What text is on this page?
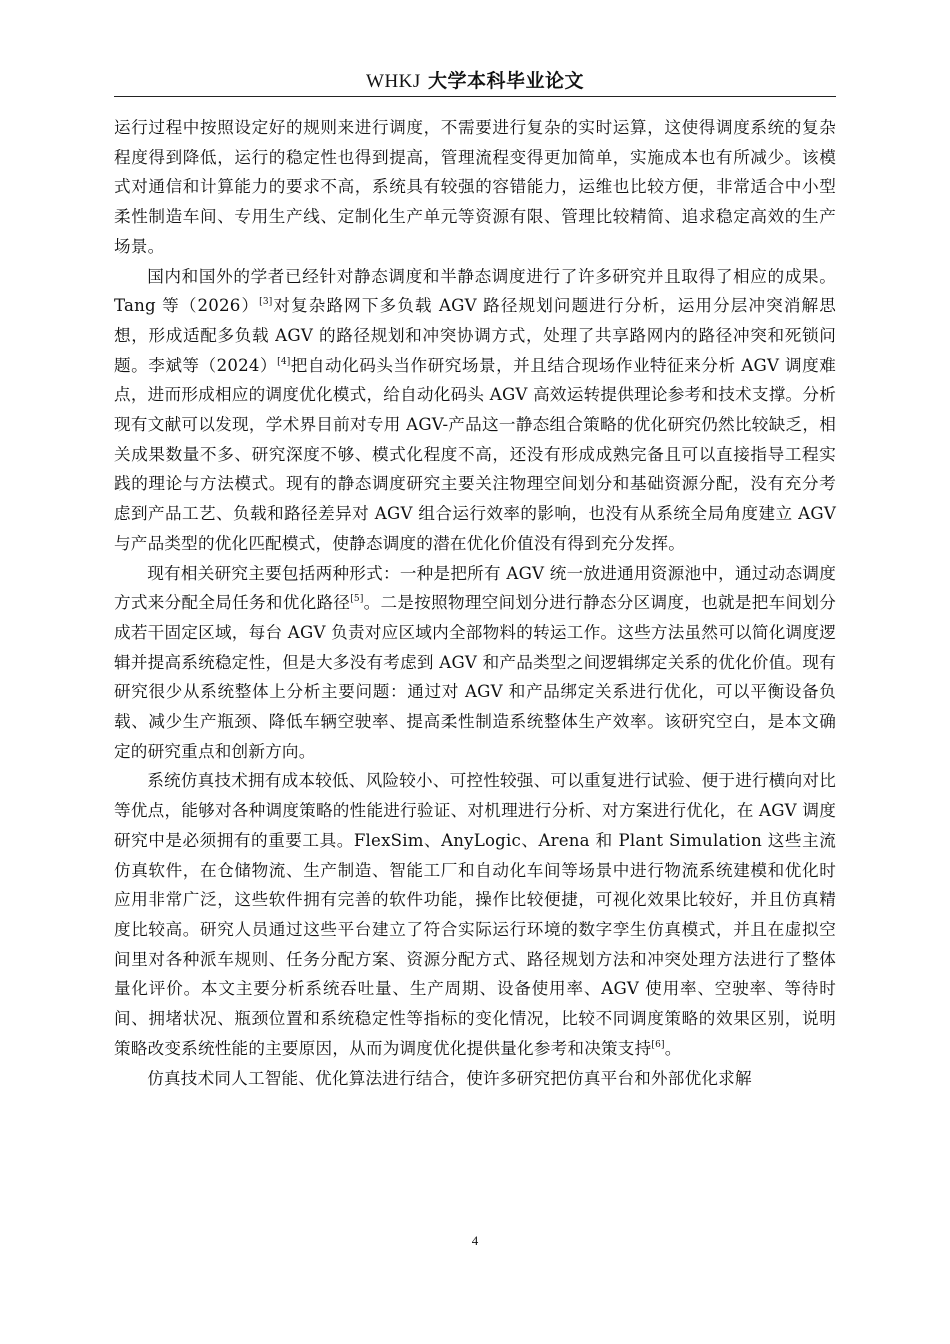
WHKJ 大学本科毕业论文

运行过程中按照设定好的规则来进行调度，不需要进行复杂的实时运算，这使得调度系统的复杂程度得到降低，运行的稳定性也得到提高，管理流程变得更加简单，实施成本也有所减少。该模式对通信和计算能力的要求不高，系统具有较强的容错能力，运维也比较方便，非常适合中小型柔性制造车间、专用生产线、定制化生产单元等资源有限、管理比较精简、追求稳定高效的生产场景。

国内和国外的学者已经针对静态调度和半静态调度进行了许多研究并且取得了相应的成果。Tang 等（2026）[3]对复杂路网下多负载 AGV 路径规划问题进行分析，运用分层冲突消解思想，形成适配多负载 AGV 的路径规划和冲突协调方式，处理了共享路网内的路径冲突和死锁问题。李斌等（2024）[4]把自动化码头当作研究场景，并且结合现场作业特征来分析 AGV 调度难点，进而形成相应的调度优化模式，给自动化码头 AGV 高效运转提供理论参考和技术支撑。分析现有文献可以发现，学术界目前对专用 AGV-产品这一静态组合策略的优化研究仍然比较缺乏，相关成果数量不多、研究深度不够、模式化程度不高，还没有形成成熟完备且可以直接指导工程实践的理论与方法模式。现有的静态调度研究主要关注物理空间划分和基础资源分配，没有充分考虑到产品工艺、负载和路径差异对 AGV 组合运行效率的影响，也没有从系统全局角度建立 AGV 与产品类型的优化匹配模式，使静态调度的潜在优化价值没有得到充分发挥。

现有相关研究主要包括两种形式：一种是把所有 AGV 统一放进通用资源池中，通过动态调度方式来分配全局任务和优化路径[5]。二是按照物理空间划分进行静态分区调度，也就是把车间划分成若干固定区域，每台 AGV 负责对应区域内全部物料的转运工作。这些方法虽然可以简化调度逻辑并提高系统稳定性，但是大多没有考虑到 AGV 和产品类型之间逻辑绑定关系的优化价值。现有研究很少从系统整体上分析主要问题：通过对 AGV 和产品绑定关系进行优化，可以平衡设备负载、减少生产瓶颈、降低车辆空驶率、提高柔性制造系统整体生产效率。该研究空白，是本文确定的研究重点和创新方向。

系统仿真技术拥有成本较低、风险较小、可控性较强、可以重复进行试验、便于进行横向对比等优点，能够对各种调度策略的性能进行验证、对机理进行分析、对方案进行优化，在 AGV 调度研究中是必须拥有的重要工具。FlexSim、AnyLogic、Arena 和 Plant Simulation 这些主流仿真软件，在仓储物流、生产制造、智能工厂和自动化车间等场景中进行物流系统建模和优化时应用非常广泛，这些软件拥有完善的软件功能，操作比较便捷，可视化效果比较好，并且仿真精度比较高。研究人员通过这些平台建立了符合实际运行环境的数字孪生仿真模式，并且在虚拟空间里对各种派车规则、任务分配方案、资源分配方式、路径规划方法和冲突处理方法进行了整体量化评价。本文主要分析系统吞吐量、生产周期、设备使用率、AGV 使用率、空驶率、等待时间、拥堵状况、瓶颈位置和系统稳定性等指标的变化情况，比较不同调度策略的效果区别，说明策略改变系统性能的主要原因，从而为调度优化提供量化参考和决策支持[6]。

仿真技术同人工智能、优化算法进行结合，使许多研究把仿真平台和外部优化求解

4
